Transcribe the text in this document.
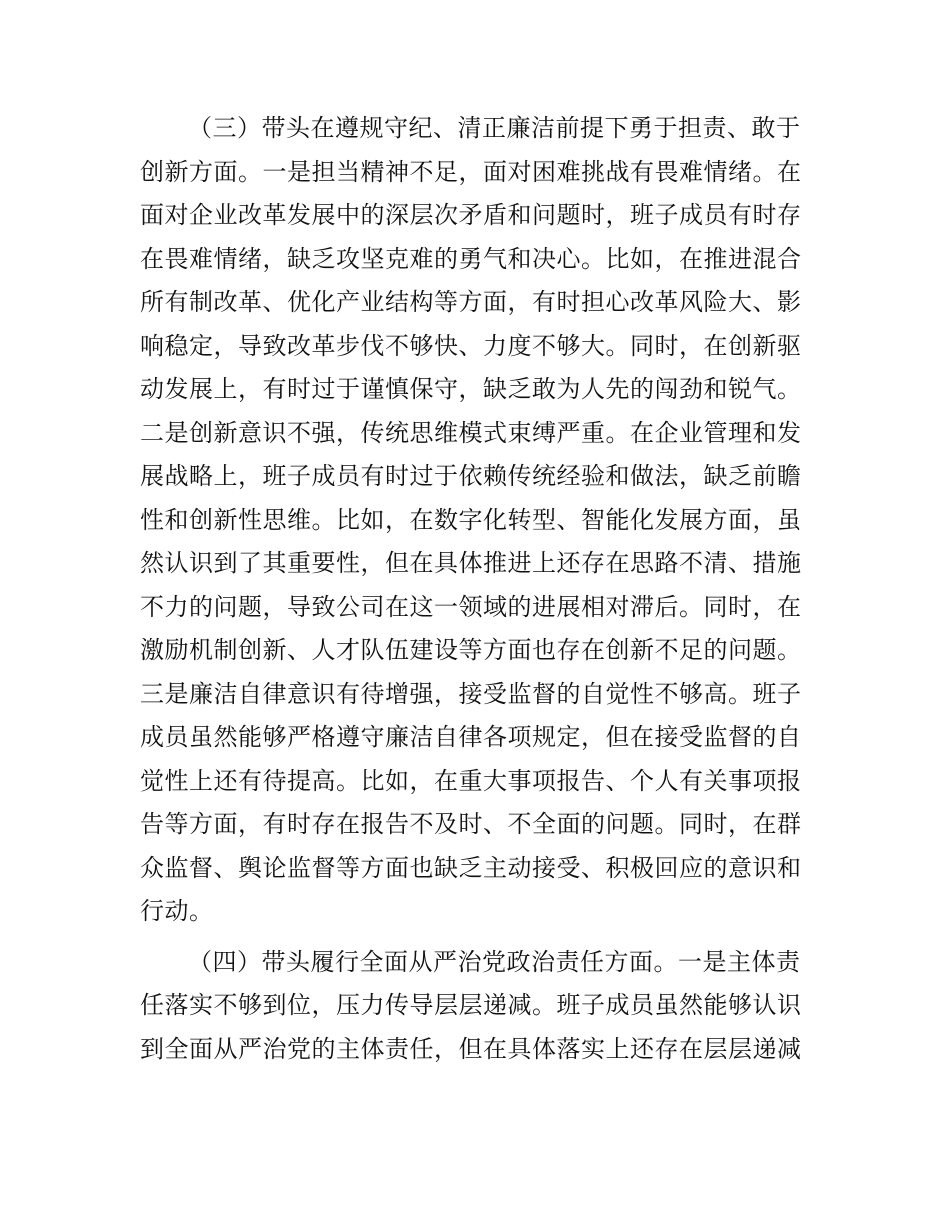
（三）带头在遵规守纪、清正廉洁前提下勇于担责、敢于创新方面。一是担当精神不足，面对困难挑战有畏难情绪。在面对企业改革发展中的深层次矛盾和问题时，班子成员有时存在畏难情绪，缺乏攻坚克难的勇气和决心。比如，在推进混合所有制改革、优化产业结构等方面，有时担心改革风险大、影响稳定，导致改革步伐不够快、力度不够大。同时，在创新驱动发展上，有时过于谨慎保守，缺乏敢为人先的闯劲和锐气。二是创新意识不强，传统思维模式束缚严重。在企业管理和发展战略上，班子成员有时过于依赖传统经验和做法，缺乏前瞻性和创新性思维。比如，在数字化转型、智能化发展方面，虽然认识到了其重要性，但在具体推进上还存在思路不清、措施不力的问题，导致公司在这一领域的进展相对滞后。同时，在激励机制创新、人才队伍建设等方面也存在创新不足的问题。三是廉洁自律意识有待增强，接受监督的自觉性不够高。班子成员虽然能够严格遵守廉洁自律各项规定，但在接受监督的自觉性上还有待提高。比如，在重大事项报告、个人有关事项报告等方面，有时存在报告不及时、不全面的问题。同时，在群众监督、舆论监督等方面也缺乏主动接受、积极回应的意识和行动。

（四）带头履行全面从严治党政治责任方面。一是主体责任落实不够到位，压力传导层层递减。班子成员虽然能够认识到全面从严治党的主体责任，但在具体落实上还存在层层递减
